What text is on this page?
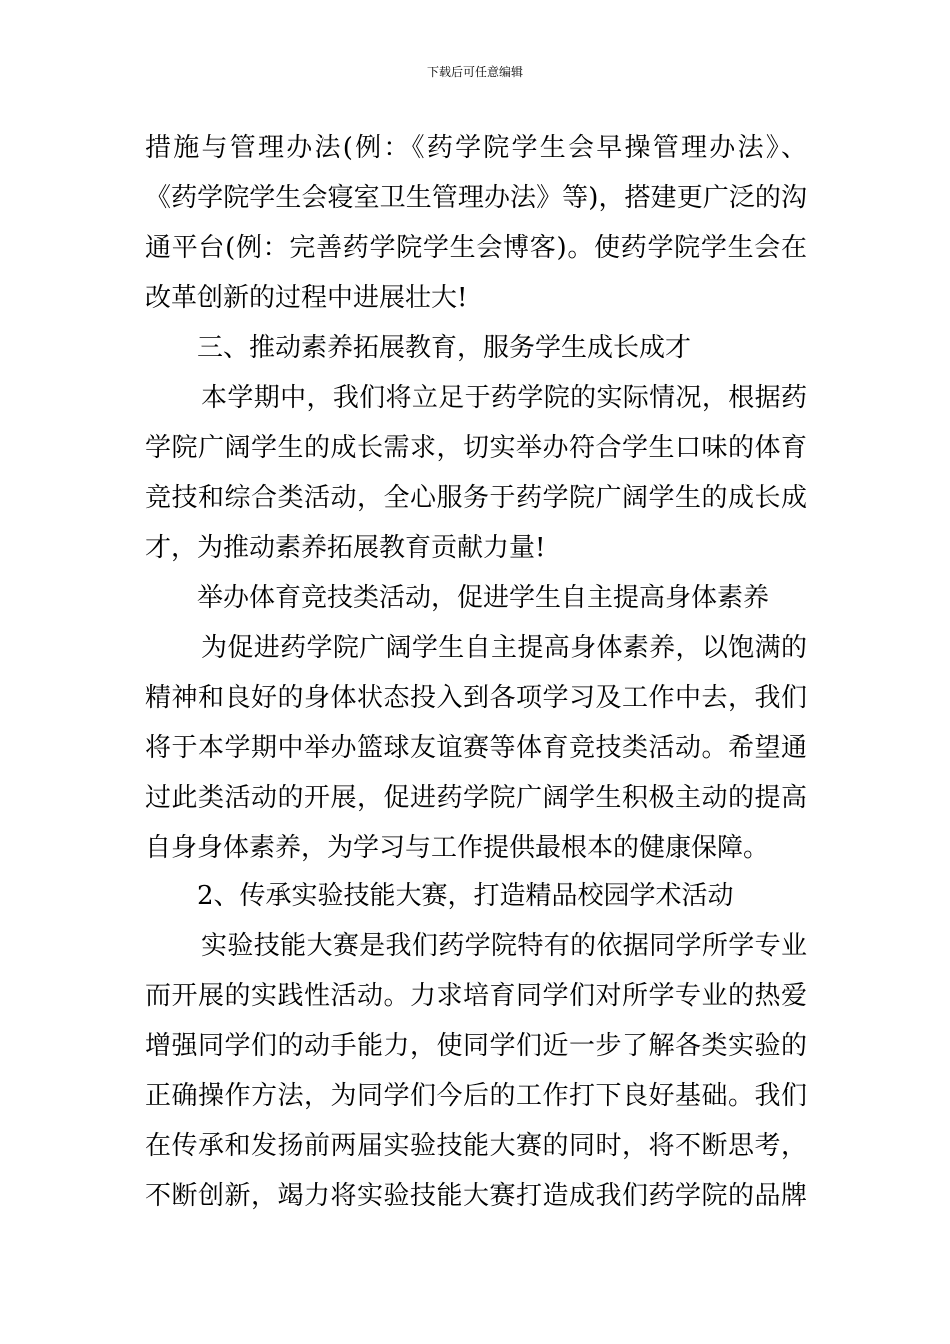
下载后可任意编辑
措施与管理办法(例：《药学院学生会早操管理办法》、
《药学院学生会寝室卫生管理办法》等)，搭建更广泛的沟
通平台(例：完善药学院学生会博客)。使药学院学生会在
改革创新的过程中进展壮大!
三、推动素养拓展教育，服务学生成长成才
本学期中，我们将立足于药学院的实际情况，根据药
学院广阔学生的成长需求，切实举办符合学生口味的体育
竞技和综合类活动，全心服务于药学院广阔学生的成长成
才，为推动素养拓展教育贡献力量!
举办体育竞技类活动，促进学生自主提高身体素养
为促进药学院广阔学生自主提高身体素养，以饱满的
精神和良好的身体状态投入到各项学习及工作中去，我们
将于本学期中举办篮球友谊赛等体育竞技类活动。希望通
过此类活动的开展，促进药学院广阔学生积极主动的提高
自身身体素养，为学习与工作提供最根本的健康保障。
2、传承实验技能大赛，打造精品校园学术活动
实验技能大赛是我们药学院特有的依据同学所学专业
而开展的实践性活动。力求培育同学们对所学专业的热爱
增强同学们的动手能力，使同学们近一步了解各类实验的
正确操作方法，为同学们今后的工作打下良好基础。我们
在传承和发扬前两届实验技能大赛的同时，将不断思考，
不断创新，竭力将实验技能大赛打造成我们药学院的品牌
